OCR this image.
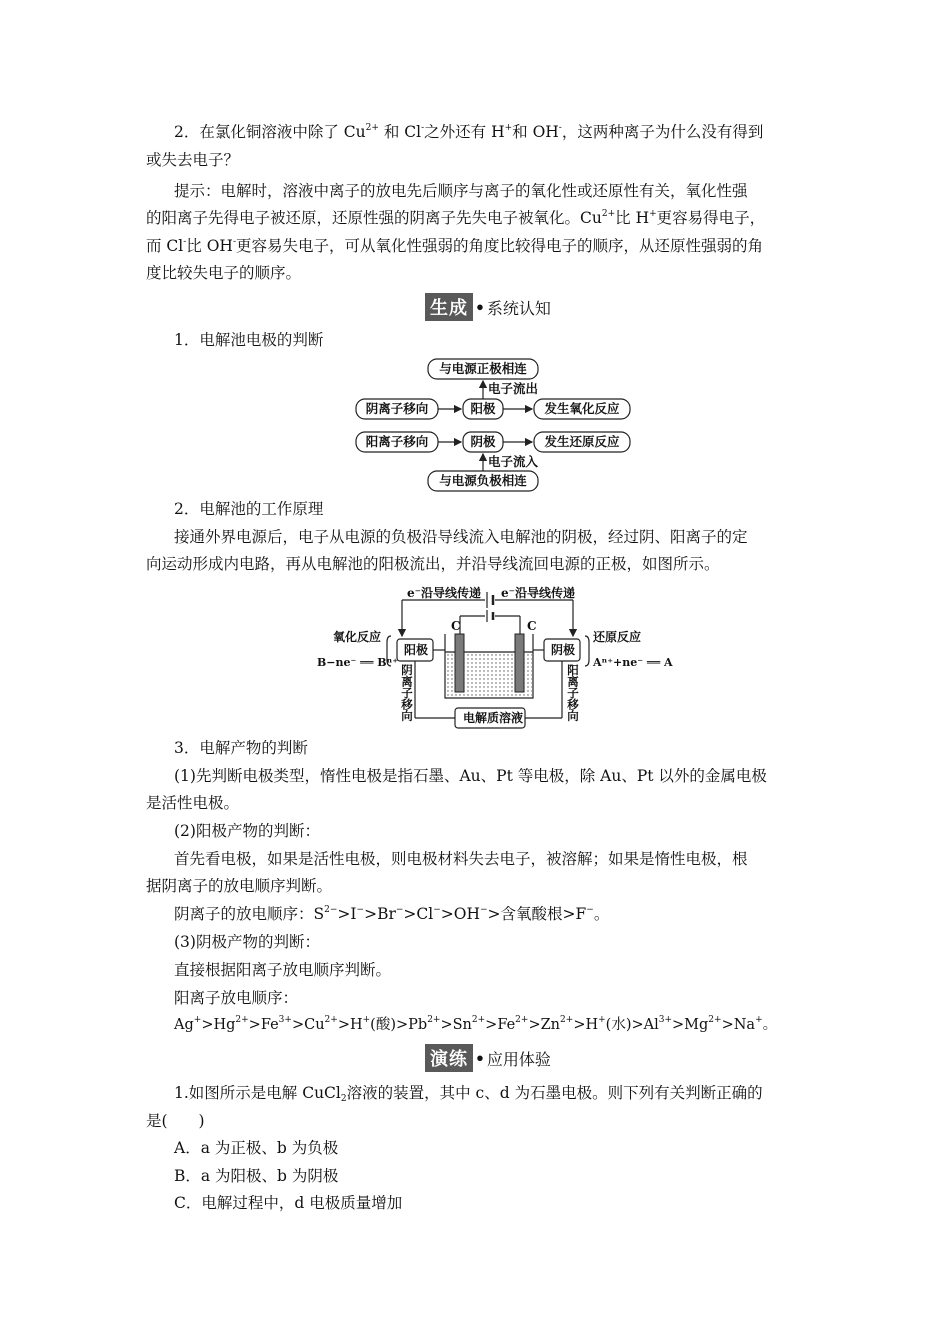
2．在氯化铜溶液中除了 $Cu^{2+}$ 和 Cl-之外还有 H+和 OH-，这两种离子为什么没有得到
或失去电子？
提示：电解时，溶液中离子的放电先后顺序与离子的氧化性或还原性有关，氧化性强
的阳离子先得电子被还原，还原性强的阴离子先失电子被氧化。$Cu^{2+}$比 H+更容易得电子，
而 Cl-比 OH-更容易失电子，可从氧化性强弱的角度比较得电子的顺序，从还原性强弱的角
度比较失电子的顺序。
生成 • 系统认知
1．电解池电极的判断
与电源正极相连
电子流出
阴离子移向	阳极	发生氧化反应
阳离子移向	阴极	发生还原反应
电子流入
与电源负极相连
2．电解池的工作原理
接通外界电源后，电子从电源的负极沿导线流入电解池的阴极，经过阴、阳离子的定
向运动形成内电路，再从电解池的阳极流出，并沿导线流回电源的正极，如图所示。
e⁻沿导线传递 e⁻沿导线传递
C	C
氧化反应
阳极
B−ne⁻ ══ Bⁿ⁺
还原反应
阴极
Aⁿ⁺+ne⁻ ══ A
电解质溶液
阴离子移向	阳离子移向
3．电解产物的判断
(1)先判断电极类型，惰性电极是指石墨、Au、Pt 等电极，除 Au、Pt 以外的金属电极
是活性电极。
(2)阳极产物的判断：
首先看电极，如果是活性电极，则电极材料失去电子，被溶解；如果是惰性电极，根
据阴离子的放电顺序判断。
阴离子的放电顺序：$S^{2-}>I^->Br^->Cl^->OH^->$含氧酸根>F−。
(3)阴极产物的判断：
直接根据阳离子放电顺序判断。
阳离子放电顺序：
$Ag^+>Hg^{2+}>Fe^{3+}>Cu^{2+}>H^+$(酸)$>Pb^{2+}>Sn^{2+}>Fe^{2+}>Zn^{2+}>H^+$(水)$>Al^{3+}>Mg^{2+}>Na^+$。
演练 • 应用体验
1.如图所示是电解 CuCl$_2$溶液的装置，其中 c、d 为石墨电极。则下列有关判断正确的
是(　　)
A．a 为正极、b 为负极
B．a 为阳极、b 为阴极
C．电解过程中，d 电极质量增加
